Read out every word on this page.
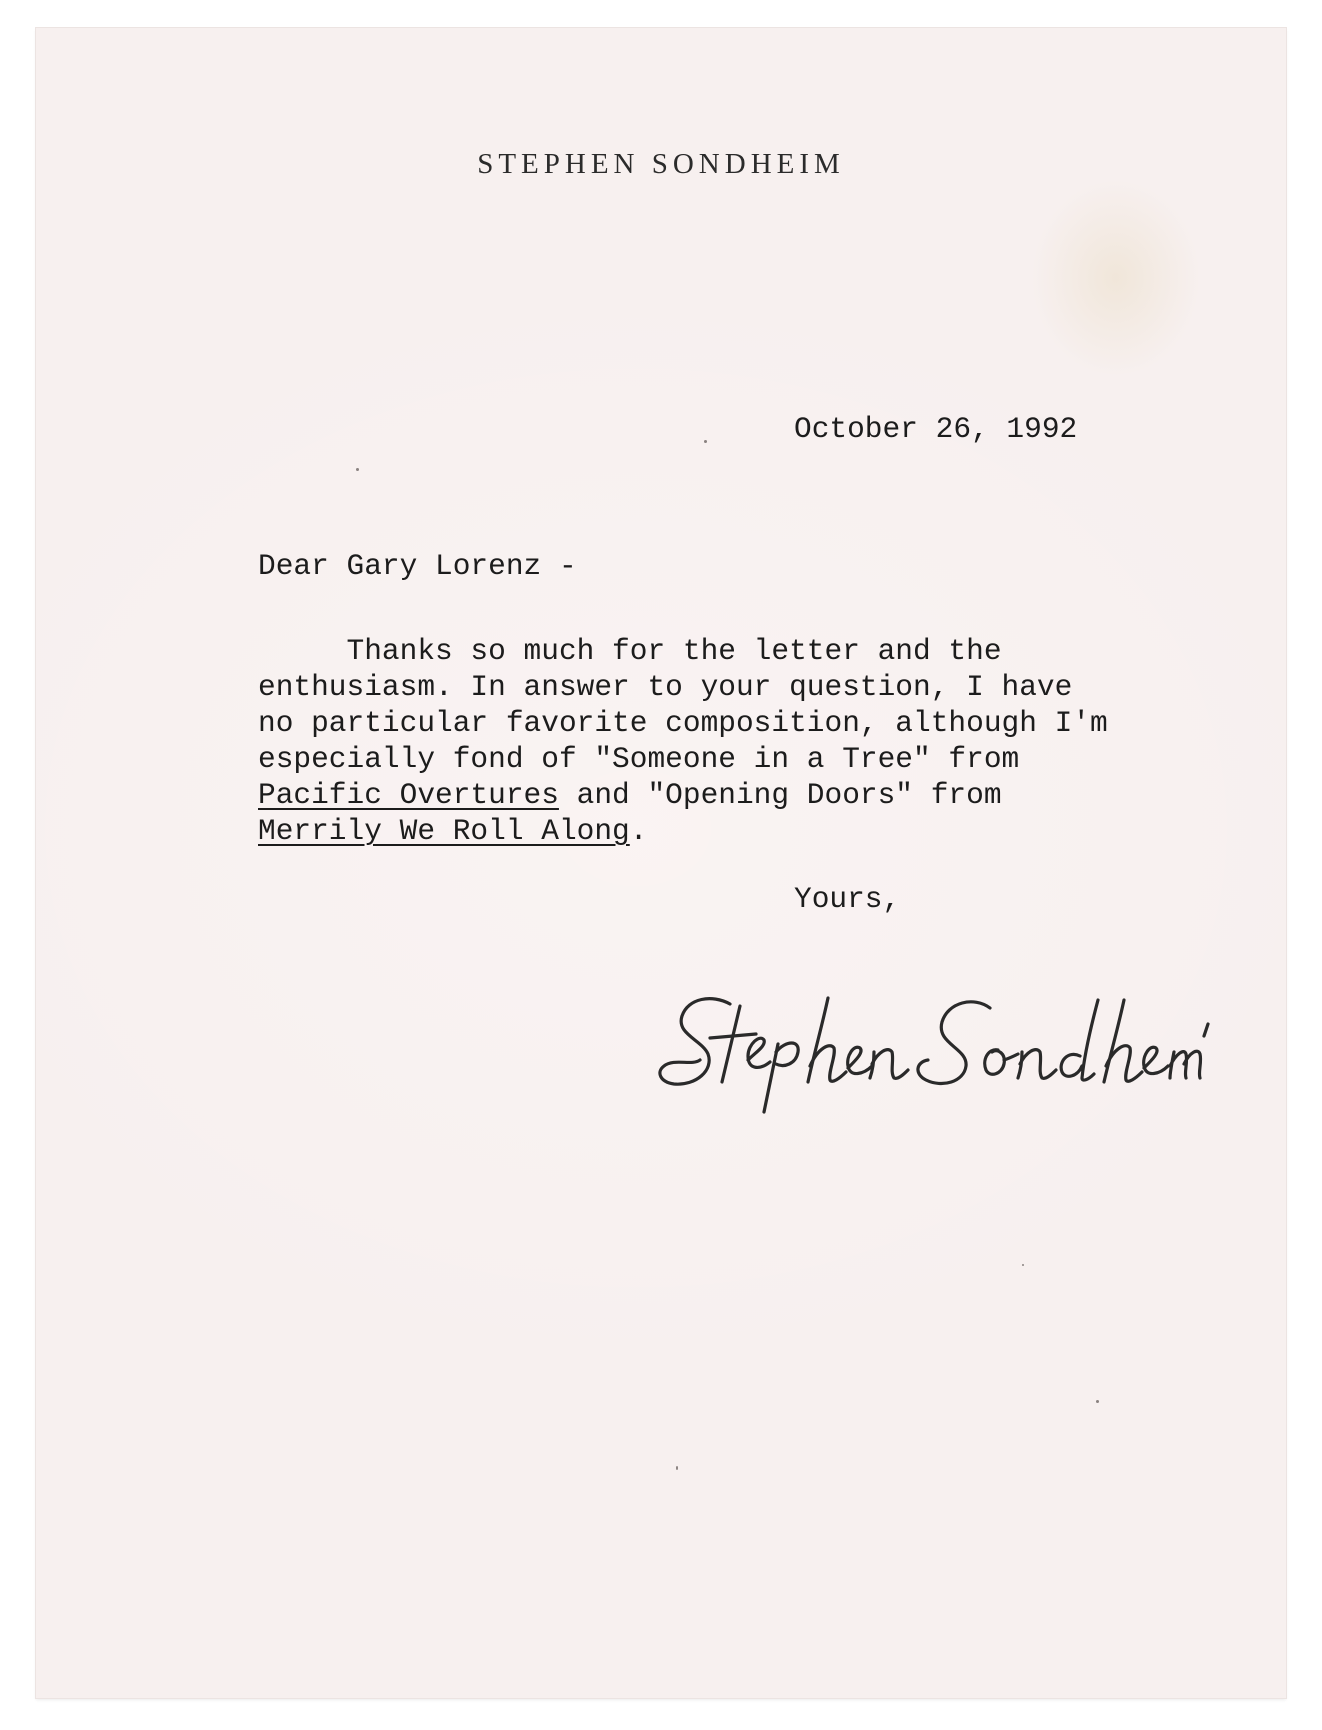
STEPHEN SONDHEIM
October 26, 1992
Dear Gary Lorenz -
Thanks so much for the letter and the
enthusiasm. In answer to your question, I have
no particular favorite composition, although I'm
especially fond of "Someone in a Tree" from
Pacific Overtures and "Opening Doors" from
Merrily We Roll Along.
Yours,
